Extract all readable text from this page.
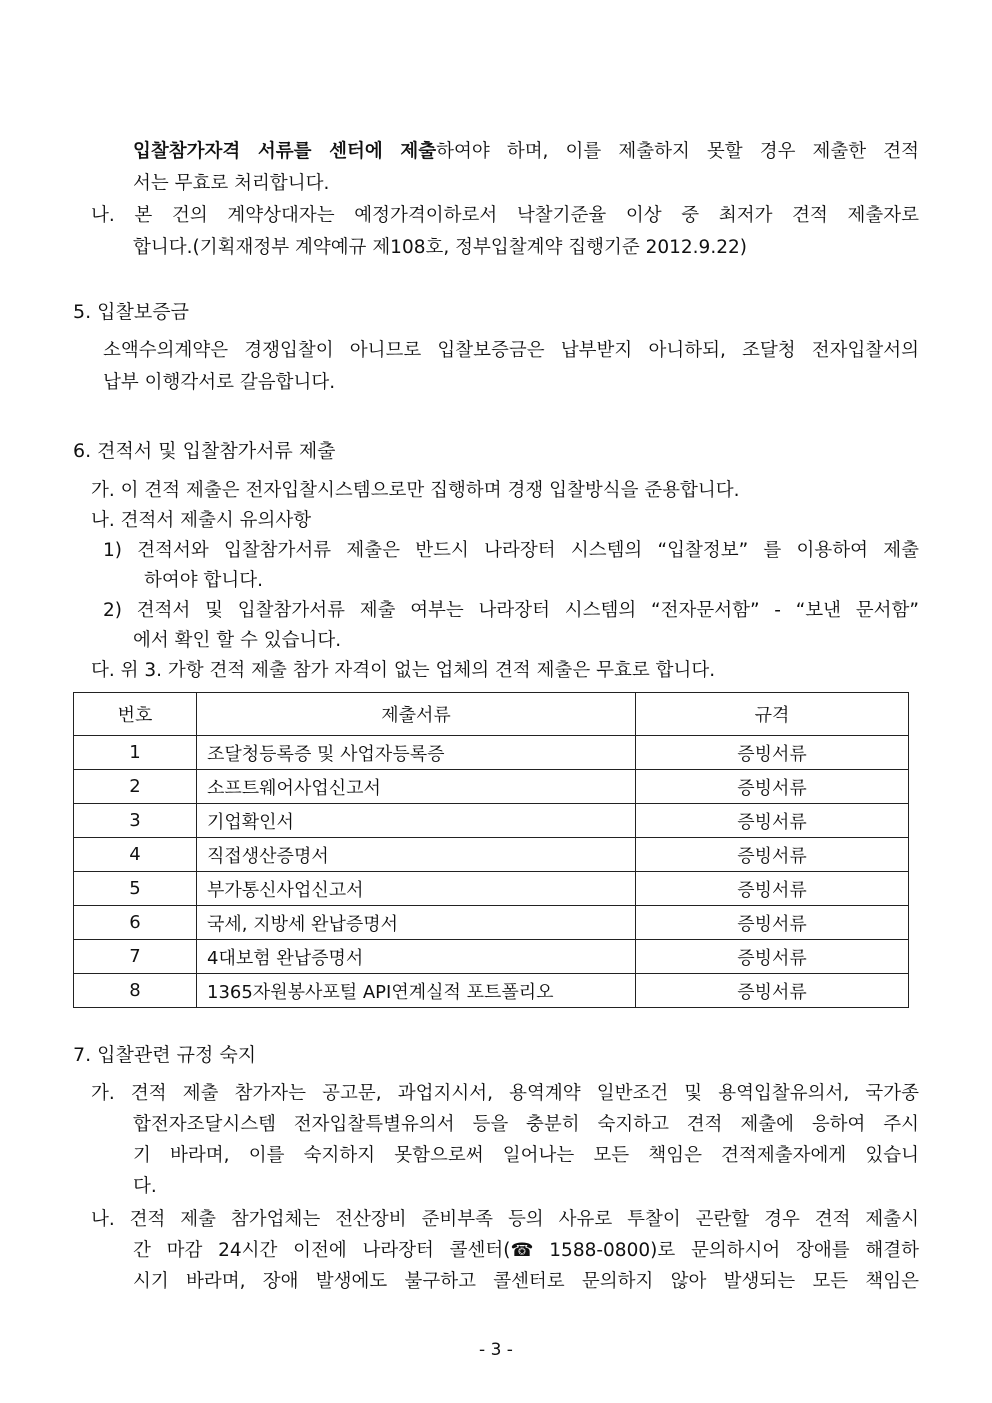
입찰참가자격 서류를 센터에 제출하여야 하며, 이를 제출하지 못할 경우 제출한 견적
서는 무효로 처리합니다.
나. 본 건의 계약상대자는 예정가격이하로서 낙찰기준율 이상 중 최저가 견적 제출자로
합니다.(기획재정부 계약예규 제108호, 정부입찰계약 집행기준 2012.9.22)
5. 입찰보증금
소액수의계약은 경쟁입찰이 아니므로 입찰보증금은 납부받지 아니하되, 조달청 전자입찰서의
납부 이행각서로 갈음합니다.
6. 견적서 및 입찰참가서류 제출
가. 이 견적 제출은 전자입찰시스템으로만 집행하며 경쟁 입찰방식을 준용합니다.
나. 견적서 제출시 유의사항
1) 견적서와 입찰참가서류 제출은 반드시 나라장터 시스템의 “입찰정보” 를 이용하여 제출
하여야 합니다.
2) 견적서 및 입찰참가서류 제출 여부는 나라장터 시스템의 “전자문서함” - “보낸 문서함”
에서 확인 할 수 있습니다.
다. 위 3. 가항 견적 제출 참가 자격이 없는 업체의 견적 제출은 무효로 합니다.
번호	제출서류	규격
1	조달청등록증 및 사업자등록증	증빙서류
2	소프트웨어사업신고서	증빙서류
3	기업확인서	증빙서류
4	직접생산증명서	증빙서류
5	부가통신사업신고서	증빙서류
6	국세, 지방세 완납증명서	증빙서류
7	4대보험 완납증명서	증빙서류
8	1365자원봉사포털 API연계실적 포트폴리오	증빙서류
7. 입찰관련 규정 숙지
가. 견적 제출 참가자는 공고문, 과업지시서, 용역계약 일반조건 및 용역입찰유의서, 국가종
합전자조달시스템 전자입찰특별유의서 등을 충분히 숙지하고 견적 제출에 응하여 주시
기 바라며, 이를 숙지하지 못함으로써 일어나는 모든 책임은 견적제출자에게 있습니
다.
나. 견적 제출 참가업체는 전산장비 준비부족 등의 사유로 투찰이 곤란할 경우 견적 제출시
간 마감 24시간 이전에 나라장터 콜센터(☎ 1588-0800)로 문의하시어 장애를 해결하
시기 바라며, 장애 발생에도 불구하고 콜센터로 문의하지 않아 발생되는 모든 책임은
- 3 -
